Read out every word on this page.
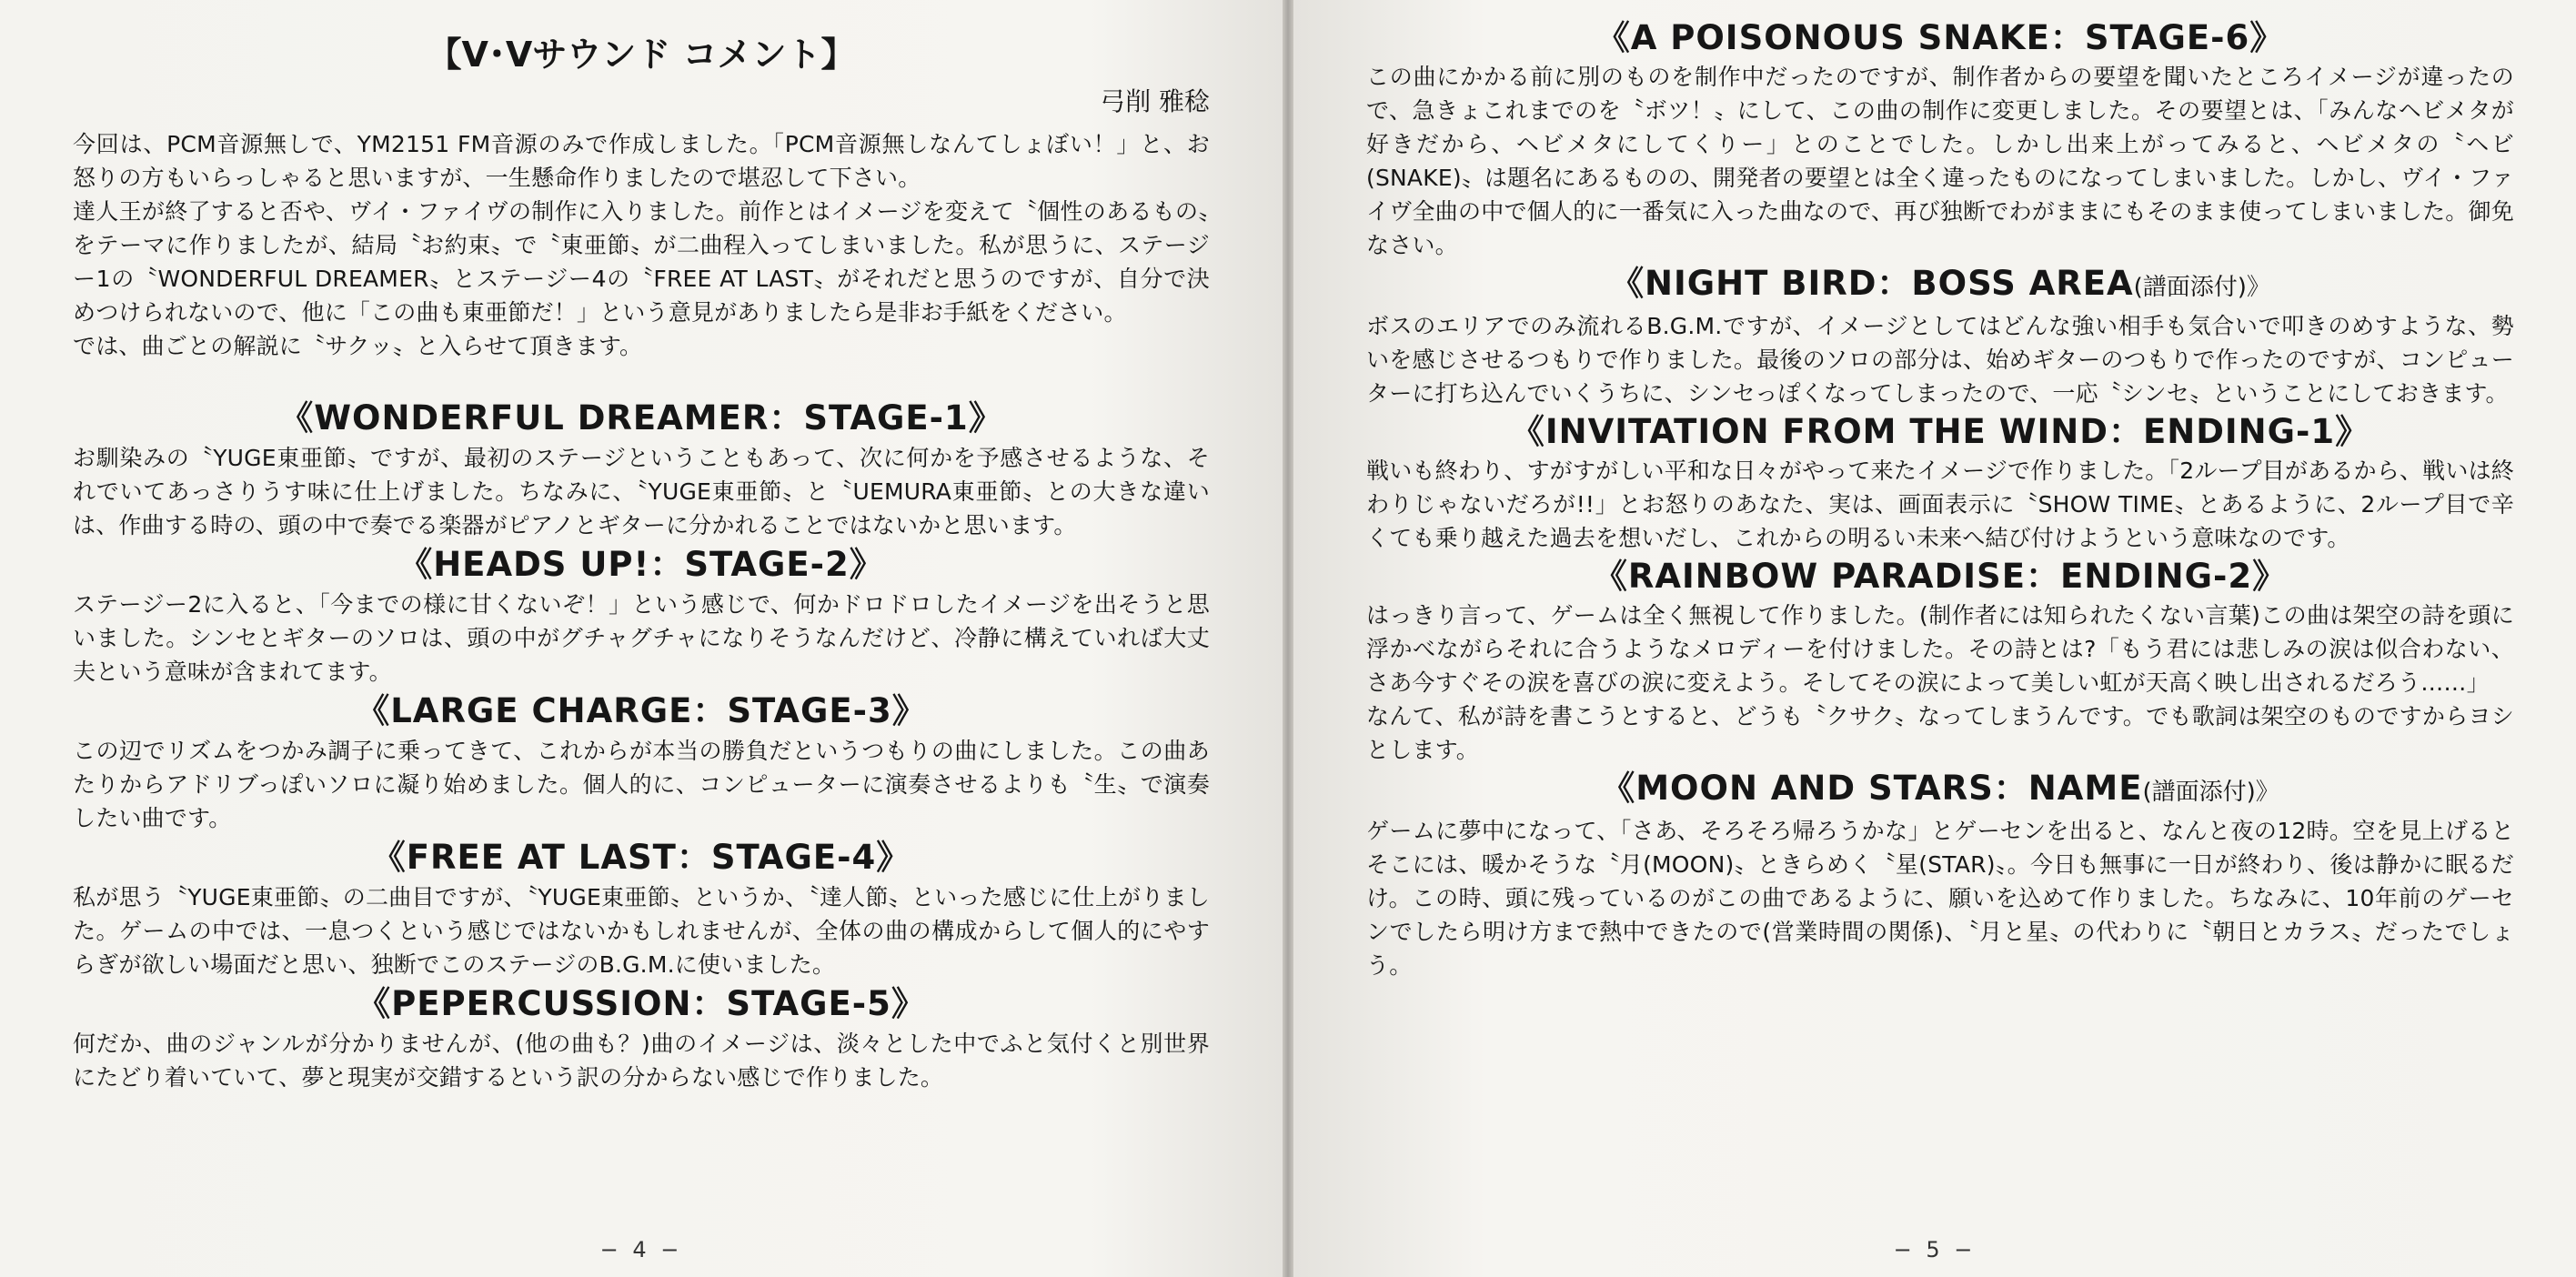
【V･Ⅴサウンド コメント】

弓削 雅稔

今回は、PCM音源無しで、YM2151 FM音源のみで作成しました。「PCM音源無しなんてしょぼい！」と、お怒りの方もいらっしゃると思いますが、一生懸命作りましたので堪忍して下さい。

達人王が終了すると否や、ヴイ・ファイヴの制作に入りました。前作とはイメージを変えて〝個性のあるもの〟をテーマに作りましたが、結局〝お約束〟で〝東亜節〟が二曲程入ってしまいました。私が思うに、ステージー1の〝WONDERFUL DREAMER〟とステージー4の〝FREE AT LAST〟がそれだと思うのですが、自分で決めつけられないので、他に「この曲も東亜節だ！」という意見がありましたら是非お手紙をください。

では、曲ごとの解説に〝サクッ〟と入らせて頂きます。

《WONDERFUL DREAMER：STAGE-1》

お馴染みの〝YUGE東亜節〟ですが、最初のステージということもあって、次に何かを予感させるような、それでいてあっさりうす味に仕上げました。ちなみに、〝YUGE東亜節〟と〝UEMURA東亜節〟との大きな違いは、作曲する時の、頭の中で奏でる楽器がピアノとギターに分かれることではないかと思います。

《HEADS UP!：STAGE-2》

ステージー2に入ると、「今までの様に甘くないぞ！」という感じで、何かドロドロしたイメージを出そうと思いました。シンセとギターのソロは、頭の中がグチャグチャになりそうなんだけど、冷静に構えていれば大丈夫という意味が含まれてます。

《LARGE CHARGE：STAGE-3》

この辺でリズムをつかみ調子に乗ってきて、これからが本当の勝負だというつもりの曲にしました。この曲あたりからアドリブっぽいソロに凝り始めました。個人的に、コンピューターに演奏させるよりも〝生〟で演奏したい曲です。

《FREE AT LAST：STAGE-4》

私が思う〝YUGE東亜節〟の二曲目ですが、〝YUGE東亜節〟というか、〝達人節〟といった感じに仕上がりました。ゲームの中では、一息つくという感じではないかもしれませんが、全体の曲の構成からして個人的にやすらぎが欲しい場面だと思い、独断でこのステージのB.G.M.に使いました。

《PEPERCUSSION：STAGE-5》

何だか、曲のジャンルが分かりませんが、(他の曲も？)曲のイメージは、淡々とした中でふと気付くと別世界にたどり着いていて、夢と現実が交錯するという訳の分からない感じで作りました。

− 4 −
《A POISONOUS SNAKE：STAGE-6》

この曲にかかる前に別のものを制作中だったのですが、制作者からの要望を聞いたところイメージが違ったので、急きょこれまでのを〝ボツ！〟にして、この曲の制作に変更しました。その要望とは、「みんなヘビメタが好きだから、ヘビメタにしてくりー」とのことでした。しかし出来上がってみると、ヘビメタの〝ヘビ(SNAKE)〟は題名にあるものの、開発者の要望とは全く違ったものになってしまいました。しかし、ヴイ・ファイヴ全曲の中で個人的に一番気に入った曲なので、再び独断でわがままにもそのまま使ってしまいました。御免なさい。

《NIGHT BIRD：BOSS AREA(譜面添付)》

ボスのエリアでのみ流れるB.G.M.ですが、イメージとしてはどんな強い相手も気合いで叩きのめすような、勢いを感じさせるつもりで作りました。最後のソロの部分は、始めギターのつもりで作ったのですが、コンピューターに打ち込んでいくうちに、シンセっぽくなってしまったので、一応〝シンセ〟ということにしておきます。

《INVITATION FROM THE WIND：ENDING-1》

戦いも終わり、すがすがしい平和な日々がやって来たイメージで作りました。「2ループ目があるから、戦いは終わりじゃないだろが!!」とお怒りのあなた、実は、画面表示に〝SHOW TIME〟とあるように、2ループ目で辛くても乗り越えた過去を想いだし、これからの明るい未来へ結び付けようという意味なのです。

《RAINBOW PARADISE：ENDING-2》

はっきり言って、ゲームは全く無視して作りました。(制作者には知られたくない言葉)この曲は架空の詩を頭に浮かべながらそれに合うようなメロディーを付けました。その詩とは?「もう君には悲しみの涙は似合わない、さあ今すぐその涙を喜びの涙に変えよう。そしてその涙によって美しい虹が天高く映し出されるだろう……」

なんて、私が詩を書こうとすると、どうも〝クサク〟なってしまうんです。でも歌詞は架空のものですからヨシとします。

《MOON AND STARS：NAME(譜面添付)》

ゲームに夢中になって、「さあ、そろそろ帰ろうかな」とゲーセンを出ると、なんと夜の12時。空を見上げるとそこには、暖かそうな〝月(MOON)〟ときらめく〝星(STAR)〟。今日も無事に一日が終わり、後は静かに眠るだけ。この時、頭に残っているのがこの曲であるように、願いを込めて作りました。ちなみに、10年前のゲーセンでしたら明け方まで熱中できたので(営業時間の関係)、〝月と星〟の代わりに〝朝日とカラス〟だったでしょう。

− 5 −
